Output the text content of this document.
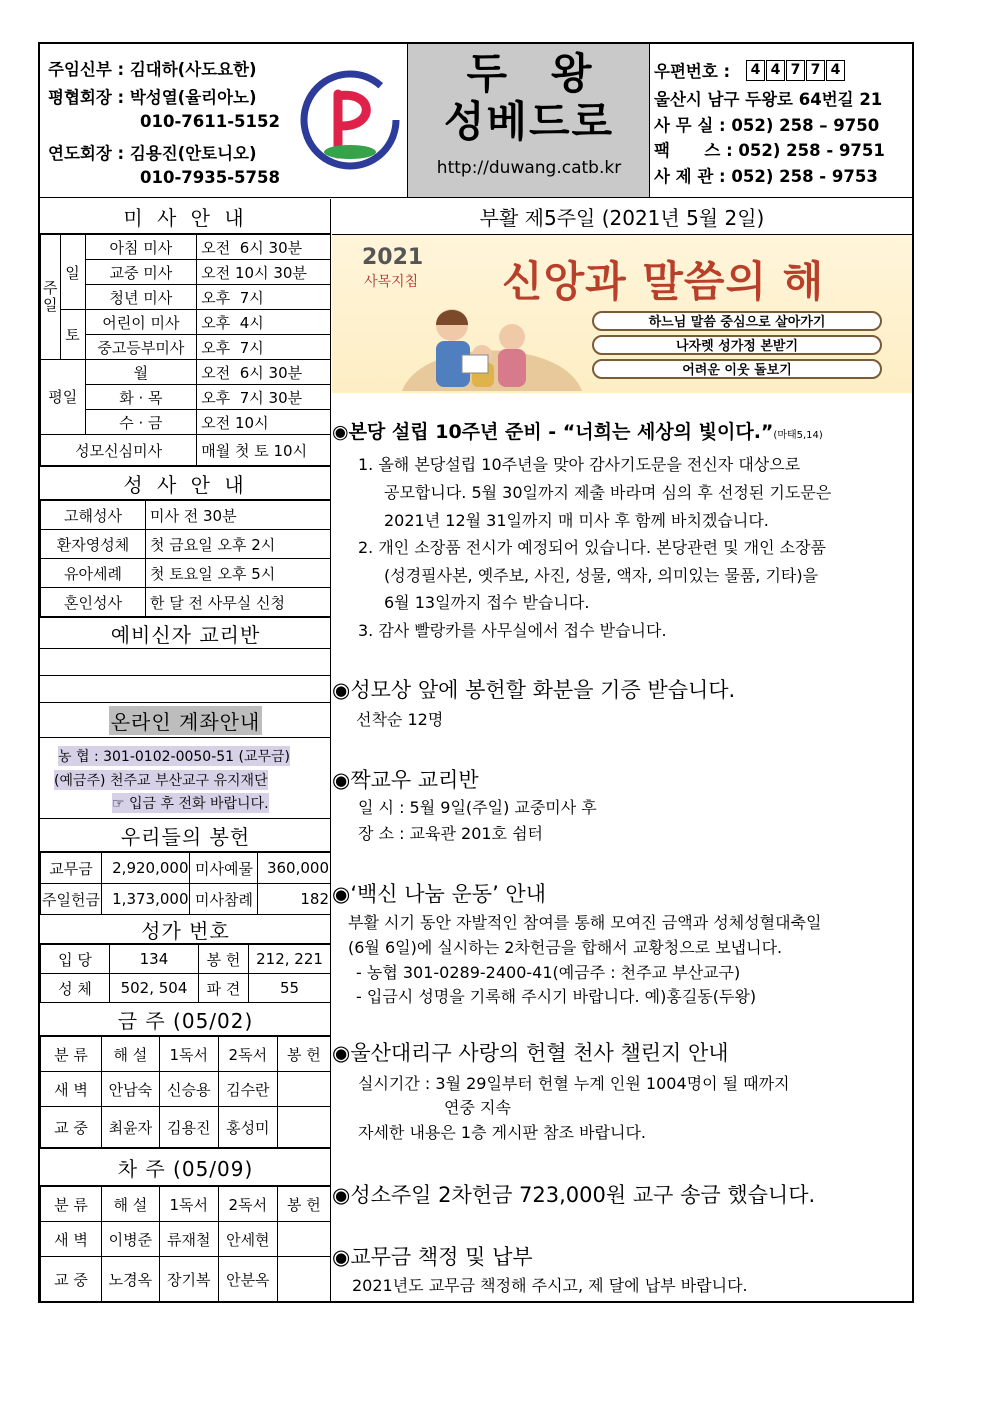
주임신부 : 김대하(사도요한)
평협회장 : 박성열(율리아노)
010-7611-5152
연도회장 : 김용진(안토니오)
010-7935-5758
두   왕
성베드로
http://duwang.catb.kr
우편번호 :	4 4 7 7 4
울산시 남구 두왕로 64번길 21
사 무 실 : 052) 258 – 9750
팩      스 : 052) 258 - 9751
사 제 관 : 052) 258 - 9753
미 사 안 내
주일	일	아침 미사	오전  6시 30분
		교중 미사	오전 10시 30분
		청년 미사	오후  7시
	토	어린이 미사	오후  4시
		중고등부미사	오후  7시
평일		월	오전  6시 30분
		화 · 목	오후  7시 30분
		수 · 금	오전 10시
성모신심미사			매월 첫 토 10시
성 사 안 내
고해성사	미사 전 30분
환자영성체	첫 금요일 오후 2시
유아세례	첫 토요일 오후 5시
혼인성사	한 달 전 사무실 신청
예비신자 교리반
온라인 계좌안내
농 협 : 301-0102-0050-51 (교무금)
(예금주) 천주교 부산교구 유지재단
☞ 입금 후 전화 바랍니다.
우리들의 봉헌
교무금	2,920,000	미사예물	360,000
주일헌금	1,373,000	미사참례	182
성가 번호
입 당	134	봉 헌	212, 221
성 체	502, 504	파 견	55
금 주 (05/02)
분 류	해 설	1독서	2독서	봉 헌
새 벽	안남숙	신승용	김수란	
교 중	최윤자	김용진	홍성미	
차 주 (05/09)
분 류	해 설	1독서	2독서	봉 헌
새 벽	이병준	류재철	안세현	
교 중	노경옥	장기복	안분옥	
부활 제5주일 (2021년 5월 2일)
2021
사목지침 신앙과 말씀의 해
하느님 말씀 중심으로 살아가기
나자렛 성가정 본받기
어려운 이웃 돌보기
◉본당 설립 10주년 준비 - “너희는 세상의 빛이다.”(마태5,14)
1. 올해 본당설립 10주년을 맞아 감사기도문을 전신자 대상으로
공모합니다. 5월 30일까지 제출 바라며 심의 후 선정된 기도문은
2021년 12월 31일까지 매 미사 후 함께 바치겠습니다.
2. 개인 소장품 전시가 예정되어 있습니다. 본당관련 및 개인 소장품
(성경필사본, 옛주보, 사진, 성물, 액자, 의미있는 물품, 기타)을
6월 13일까지 접수 받습니다.
3. 감사 빨랑카를 사무실에서 접수 받습니다.
◉성모상 앞에 봉헌할 화분을 기증 받습니다.
선착순 12명
◉짝교우 교리반
일 시 : 5월 9일(주일) 교중미사 후
장 소 : 교육관 201호 쉼터
◉‘백신 나눔 운동’ 안내
부활 시기 동안 자발적인 참여를 통해 모여진 금액과 성체성혈대축일
(6월 6일)에 실시하는 2차헌금을 합해서 교황청으로 보냅니다.
- 농협 301-0289-2400-41(예금주 : 천주교 부산교구)
- 입금시 성명을 기록해 주시기 바랍니다. 예)홍길동(두왕)
◉울산대리구 사랑의 헌혈 천사 챌린지 안내
실시기간 : 3월 29일부터 헌혈 누계 인원 1004명이 될 때까지
연중 지속
자세한 내용은 1층 게시판 참조 바랍니다.
◉성소주일 2차헌금 723,000원 교구 송금 했습니다.
◉교무금 책정 및 납부
2021년도 교무금 책정해 주시고, 제 달에 납부 바랍니다.
